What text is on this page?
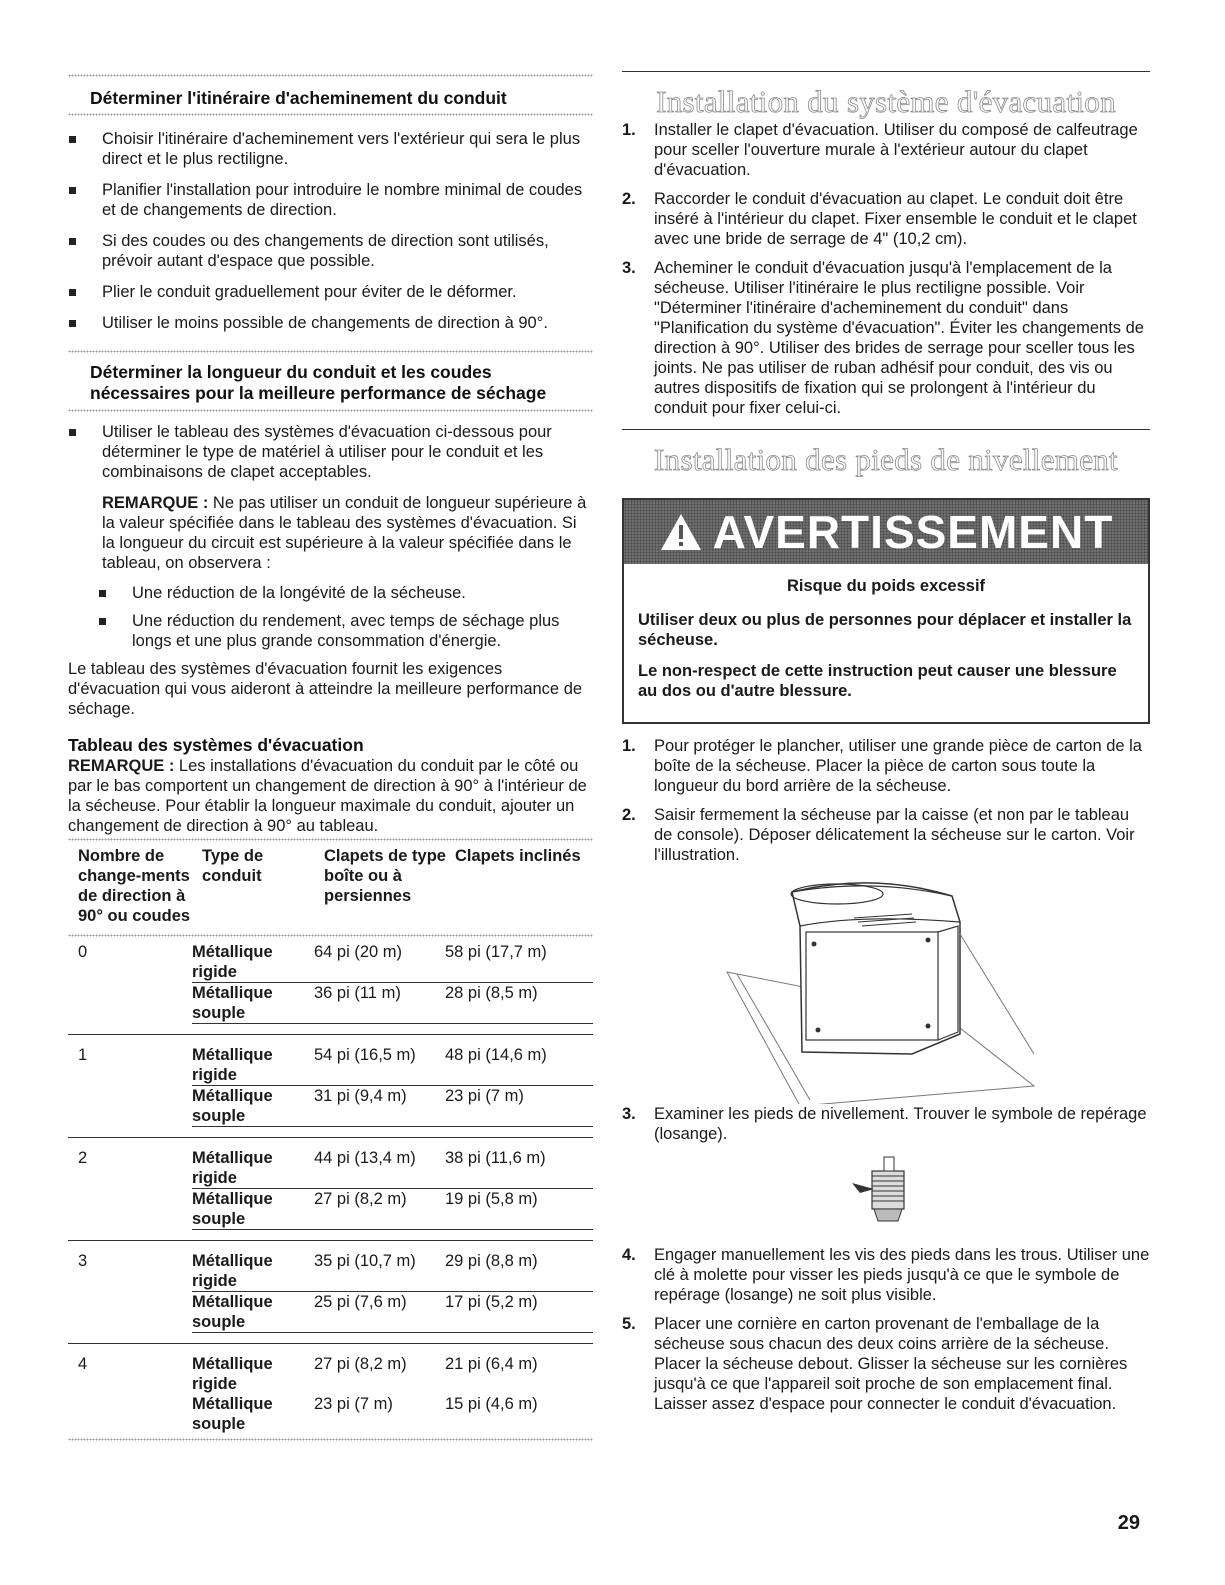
Déterminer l'itinéraire d'acheminement du conduit
Choisir l'itinéraire d'acheminement vers l'extérieur qui sera le plus direct et le plus rectiligne.
Planifier l'installation pour introduire le nombre minimal de coudes et de changements de direction.
Si des coudes ou des changements de direction sont utilisés, prévoir autant d'espace que possible.
Plier le conduit graduellement pour éviter de le déformer.
Utiliser le moins possible de changements de direction à 90°.
Déterminer la longueur du conduit et les coudes
nécessaires pour la meilleure performance de séchage
Utiliser le tableau des systèmes d'évacuation ci-dessous pour déterminer le type de matériel à utiliser pour le conduit et les combinaisons de clapet acceptables.

REMARQUE : Ne pas utiliser un conduit de longueur supérieure à la valeur spécifiée dans le tableau des systèmes d'évacuation. Si la longueur du circuit est supérieure à la valeur spécifiée dans le tableau, on observera :

Une réduction de la longévité de la sécheuse.
Une réduction du rendement, avec temps de séchage plus longs et une plus grande consommation d'énergie.

Le tableau des systèmes d'évacuation fournit les exigences d'évacuation qui vous aideront à atteindre la meilleure performance de séchage.

Tableau des systèmes d'évacuation

REMARQUE : Les installations d'évacuation du conduit par le côté ou par le bas comportent un changement de direction à 90° à l'intérieur de la sécheuse. Pour établir la longueur maximale du conduit, ajouter un changement de direction à 90° au tableau.

Nombre de change-ments de direction à 90° ou coudes	Type de conduit	Clapets de type boîte ou à persiennes	Clapets inclinés
0		Métallique rigide	64 pi (20 m)	58 pi (17,7 m)
Métallique souple	36 pi (11 m)	28 pi (8,5 m)

1		Métallique rigide	54 pi (16,5 m)	48 pi (14,6 m)
Métallique souple	31 pi (9,4 m)	23 pi (7 m)

2		Métallique rigide	44 pi (13,4 m)	38 pi (11,6 m)
Métallique souple	27 pi (8,2 m)	19 pi (5,8 m)

3		Métallique rigide	35 pi (10,7 m)	29 pi (8,8 m)
Métallique souple	25 pi (7,6 m)	17 pi (5,2 m)

4		Métallique rigide	27 pi (8,2 m)	21 pi (6,4 m)
Métallique souple	23 pi (7 m)	15 pi (4,6 m)
Installation du système d'évacuation
1. Installer le clapet d'évacuation. Utiliser du composé de calfeutrage pour sceller l'ouverture murale à l'extérieur autour du clapet d'évacuation.
2. Raccorder le conduit d'évacuation au clapet. Le conduit doit être inséré à l'intérieur du clapet. Fixer ensemble le conduit et le clapet avec une bride de serrage de 4" (10,2 cm).
3. Acheminer le conduit d'évacuation jusqu'à l'emplacement de la sécheuse. Utiliser l'itinéraire le plus rectiligne possible. Voir "Déterminer l'itinéraire d'acheminement du conduit" dans "Planification du système d'évacuation". Éviter les changements de direction à 90°. Utiliser des brides de serrage pour sceller tous les joints. Ne pas utiliser de ruban adhésif pour conduit, des vis ou autres dispositifs de fixation qui se prolongent à l'intérieur du conduit pour fixer celui-ci.
Installation des pieds de nivellement
AVERTISSEMENT
Risque du poids excessif

Utiliser deux ou plus de personnes pour déplacer et installer la sécheuse.

Le non-respect de cette instruction peut causer une blessure au dos ou d'autre blessure.

1. Pour protéger le plancher, utiliser une grande pièce de carton de la boîte de la sécheuse. Placer la pièce de carton sous toute la longueur du bord arrière de la sécheuse.
2. Saisir fermement la sécheuse par la caisse (et non par le tableau de console). Déposer délicatement la sécheuse sur le carton. Voir l'illustration.
3. Examiner les pieds de nivellement. Trouver le symbole de repérage (losange).
4. Engager manuellement les vis des pieds dans les trous. Utiliser une clé à molette pour visser les pieds jusqu'à ce que le symbole de repérage (losange) ne soit plus visible.
5. Placer une cornière en carton provenant de l'emballage de la sécheuse sous chacun des deux coins arrière de la sécheuse. Placer la sécheuse debout. Glisser la sécheuse sur les cornières jusqu'à ce que l'appareil soit proche de son emplacement final. Laisser assez d'espace pour connecter le conduit d'évacuation.
29
